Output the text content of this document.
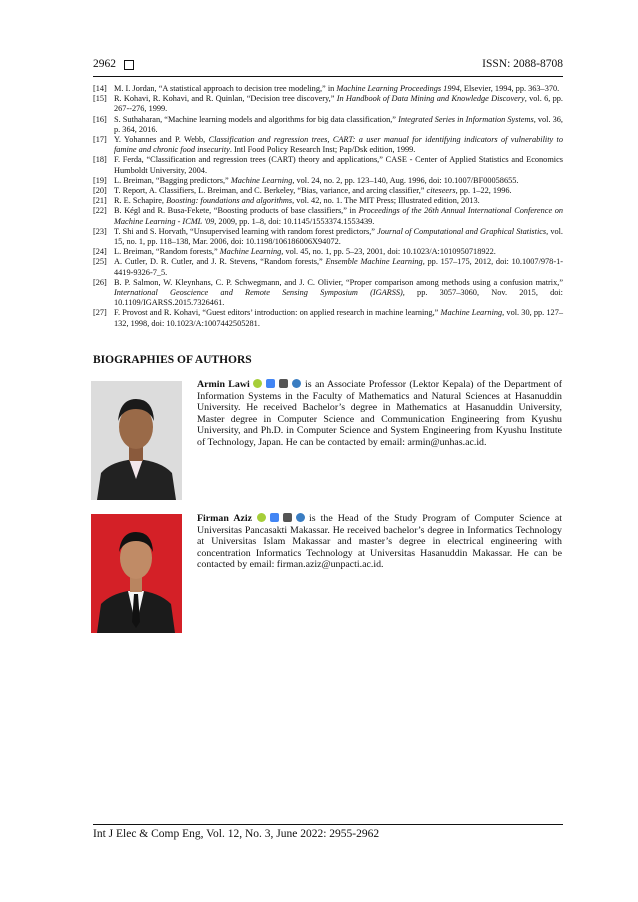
2962	ISSN: 2088-8708

[14] M. I. Jordan, “A statistical approach to decision tree modeling,” in Machine Learning Proceedings 1994, Elsevier, 1994, pp. 363–370.

[15] R. Kohavi, R. Kohavi, and R. Quinlan, “Decision tree discovery,” In Handbook of Data Mining and Knowledge Discovery, vol. 6, pp. 267--276, 1999.

[16] S. Suthaharan, “Machine learning models and algorithms for big data classification,” Integrated Series in Information Systems, vol. 36, p. 364, 2016.

[17] Y. Yohannes and P. Webb, Classification and regression trees, CART: a user manual for identifying indicators of vulnerability to famine and chronic food insecurity. Intl Food Policy Research Inst; Pap/Dsk edition, 1999.

[18] F. Ferda, “Classification and regression trees (CART) theory and applications,” CASE - Center of Applied Statistics and Economics Humboldt University, 2004.

[19] L. Breiman, “Bagging predictors,” Machine Learning, vol. 24, no. 2, pp. 123–140, Aug. 1996, doi: 10.1007/BF00058655.

[20] T. Report, A. Classifiers, L. Breiman, and C. Berkeley, “Bias, variance, and arcing classifier,” citeseers, pp. 1–22, 1996.

[21] R. E. Schapire, Boosting: foundations and algorithms, vol. 42, no. 1. The MIT Press; Illustrated edition, 2013.

[22] B. Kégl and R. Busa-Fekete, “Boosting products of base classifiers,” in Proceedings of the 26th Annual International Conference on Machine Learning - ICML '09, 2009, pp. 1–8, doi: 10.1145/1553374.1553439.

[23] T. Shi and S. Horvath, “Unsupervised learning with random forest predictors,” Journal of Computational and Graphical Statistics, vol. 15, no. 1, pp. 118–138, Mar. 2006, doi: 10.1198/106186006X94072.

[24] L. Breiman, “Random forests,” Machine Learning, vol. 45, no. 1, pp. 5–23, 2001, doi: 10.1023/A:1010950718922.

[25] A. Cutler, D. R. Cutler, and J. R. Stevens, “Random forests,” Ensemble Machine Learning, pp. 157–175, 2012, doi: 10.1007/978-1-4419-9326-7_5.

[26] B. P. Salmon, W. Kleynhans, C. P. Schwegmann, and J. C. Olivier, “Proper comparison among methods using a confusion matrix,” International Geoscience and Remote Sensing Symposium (IGARSS), pp. 3057–3060, Nov. 2015, doi: 10.1109/IGARSS.2015.7326461.

[27] F. Provost and R. Kohavi, “Guest editors’ introduction: on applied research in machine learning,” Machine Learning, vol. 30, pp. 127–132, 1998, doi: 10.1023/A:1007442505281.

BIOGRAPHIES OF AUTHORS
Armin Lawi	is an Associate Professor (Lektor Kepala) of the Department of Information Systems in the Faculty of Mathematics and Natural Sciences at Hasanuddin University. He received Bachelor’s degree in Mathematics at Hasanuddin University, Master degree in Computer Science and Communication Engineering from Kyushu University, and Ph.D. in Computer Science and System Engineering from Kyushu Institute of Technology, Japan. He can be contacted by email: armin@unhas.ac.id.
Firman Aziz	is the Head of the Study Program of Computer Science at Universitas Pancasakti Makassar. He received bachelor’s degree in Informatics Technology at Universitas Islam Makassar and master’s degree in electrical engineering with concentration Informatics Technology at Universitas Hasanuddin Makassar. He can be contacted by email: firman.aziz@unpacti.ac.id.
Int J Elec & Comp Eng, Vol. 12, No. 3, June 2022: 2955-2962
